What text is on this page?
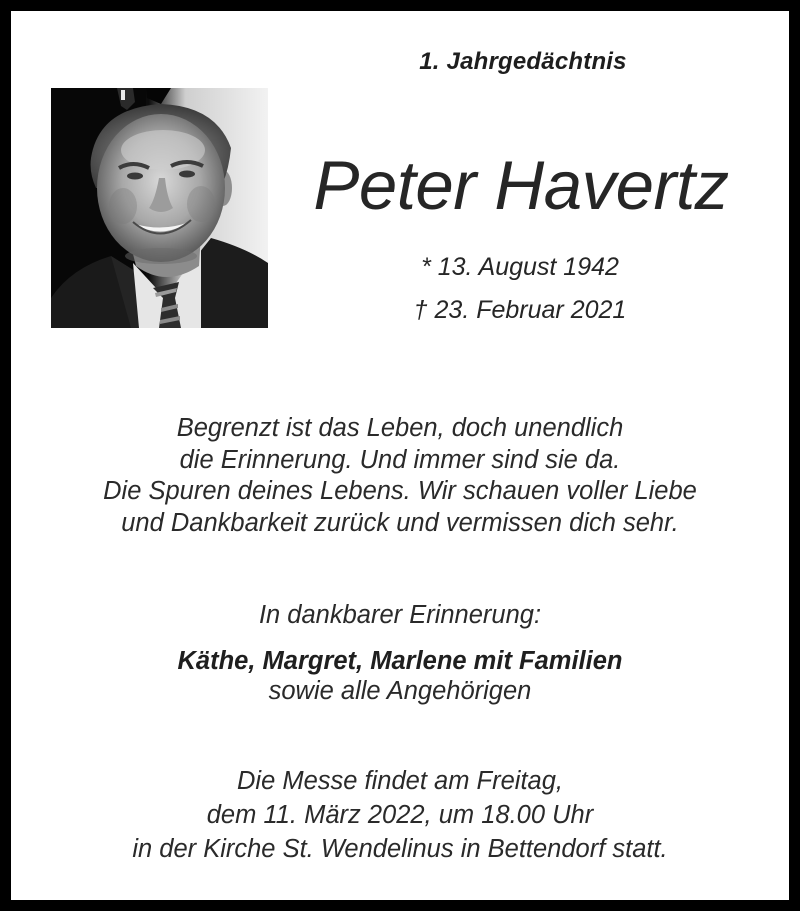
1. Jahrgedächtnis
Peter Havertz
* 13. August 1942
† 23. Februar 2021
Begrenzt ist das Leben, doch unendlich
die Erinnerung. Und immer sind sie da.
Die Spuren deines Lebens. Wir schauen voller Liebe
und Dankbarkeit zurück und vermissen dich sehr.
In dankbarer Erinnerung:
Käthe, Margret, Marlene mit Familien
sowie alle Angehörigen
Die Messe findet am Freitag,
dem 11. März 2022, um 18.00 Uhr
in der Kirche St. Wendelinus in Bettendorf statt.
